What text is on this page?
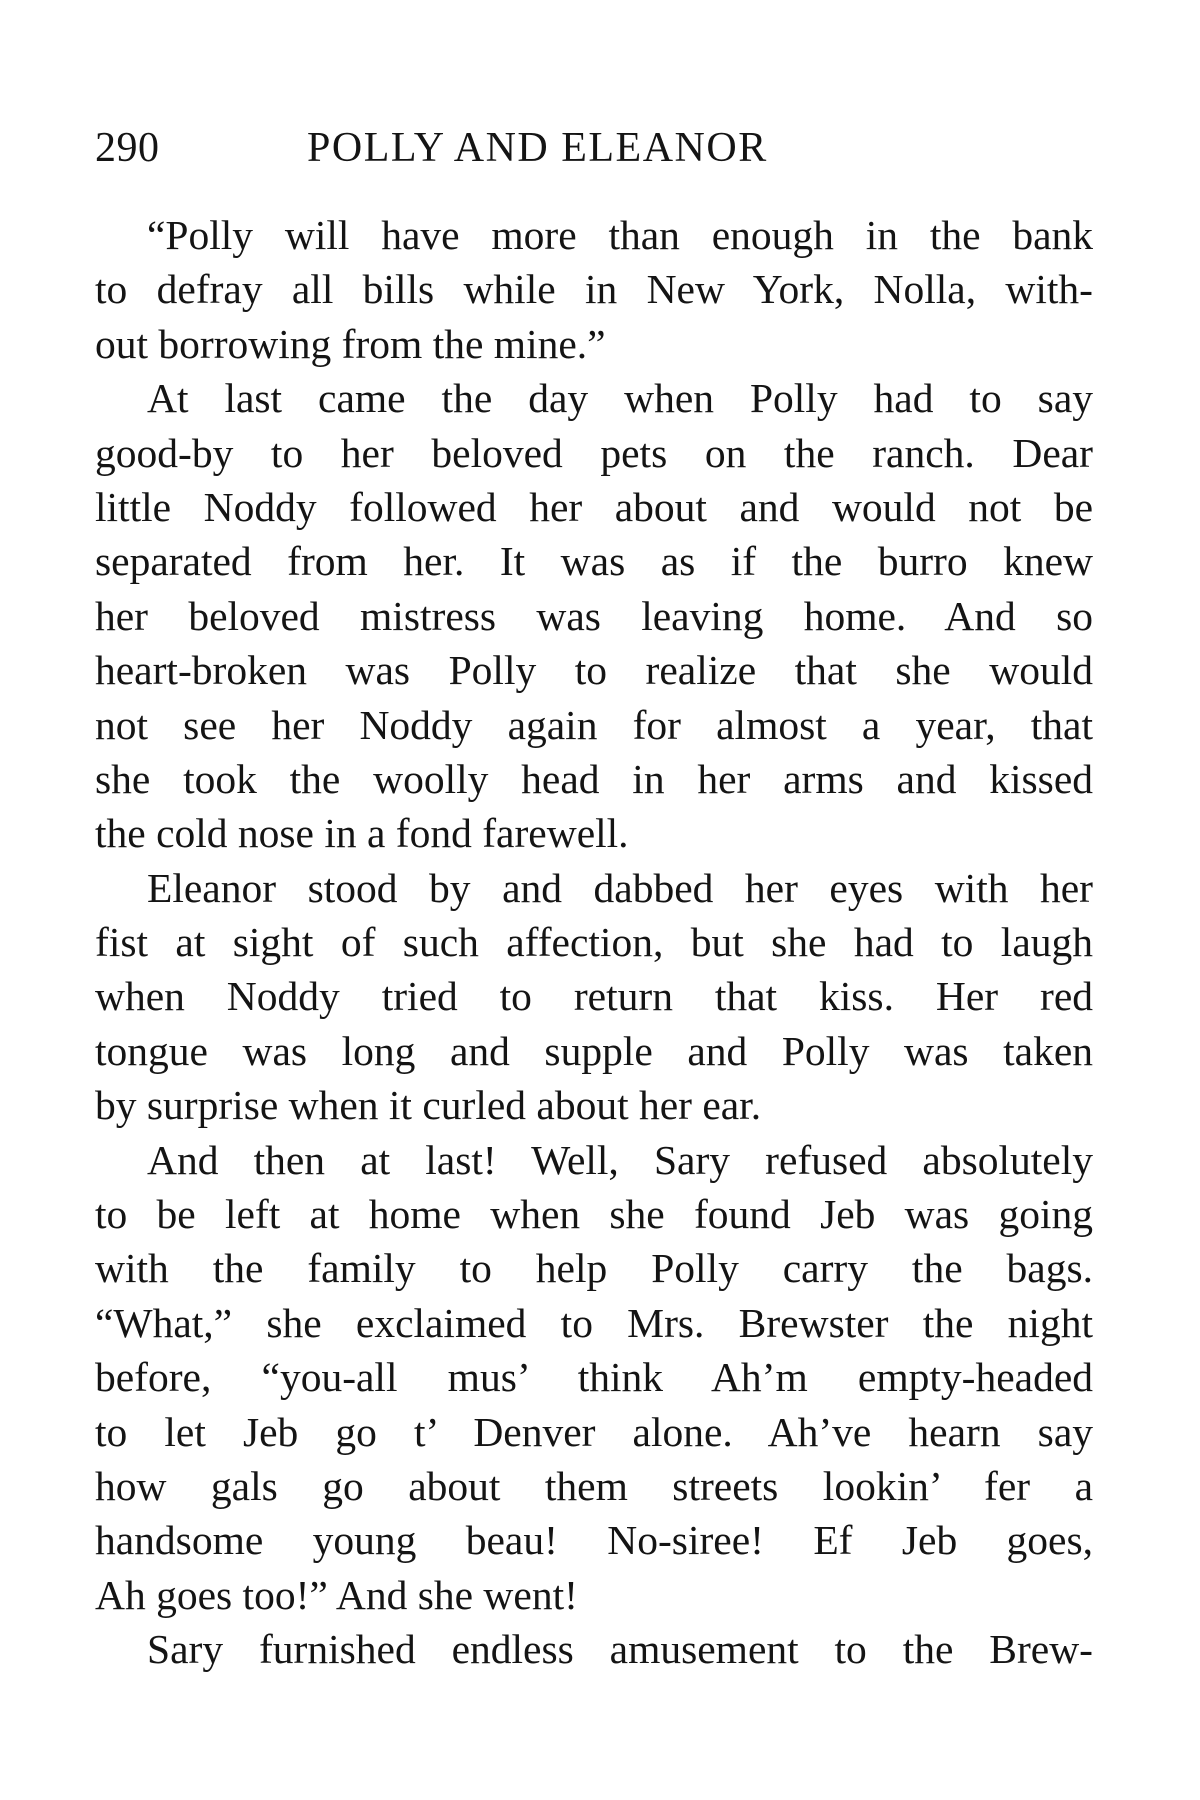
290	POLLY AND ELEANOR
“Polly will have more than enough in the bank
to defray all bills while in New York, Nolla, with-
out borrowing from the mine.”
At last came the day when Polly had to say
good-by to her beloved pets on the ranch. Dear
little Noddy followed her about and would not be
separated from her. It was as if the burro knew
her beloved mistress was leaving home. And so
heart-broken was Polly to realize that she would
not see her Noddy again for almost a year, that
she took the woolly head in her arms and kissed
the cold nose in a fond farewell.
Eleanor stood by and dabbed her eyes with her
fist at sight of such affection, but she had to laugh
when Noddy tried to return that kiss. Her red
tongue was long and supple and Polly was taken
by surprise when it curled about her ear.
And then at last! Well, Sary refused absolutely
to be left at home when she found Jeb was going
with the family to help Polly carry the bags.
“What,” she exclaimed to Mrs. Brewster the night
before, “you-all mus’ think Ah’m empty-headed
to let Jeb go t’ Denver alone. Ah’ve hearn say
how gals go about them streets lookin’ fer a
handsome young beau! No-siree! Ef Jeb goes,
Ah goes too!” And she went!
Sary furnished endless amusement to the Brew-
